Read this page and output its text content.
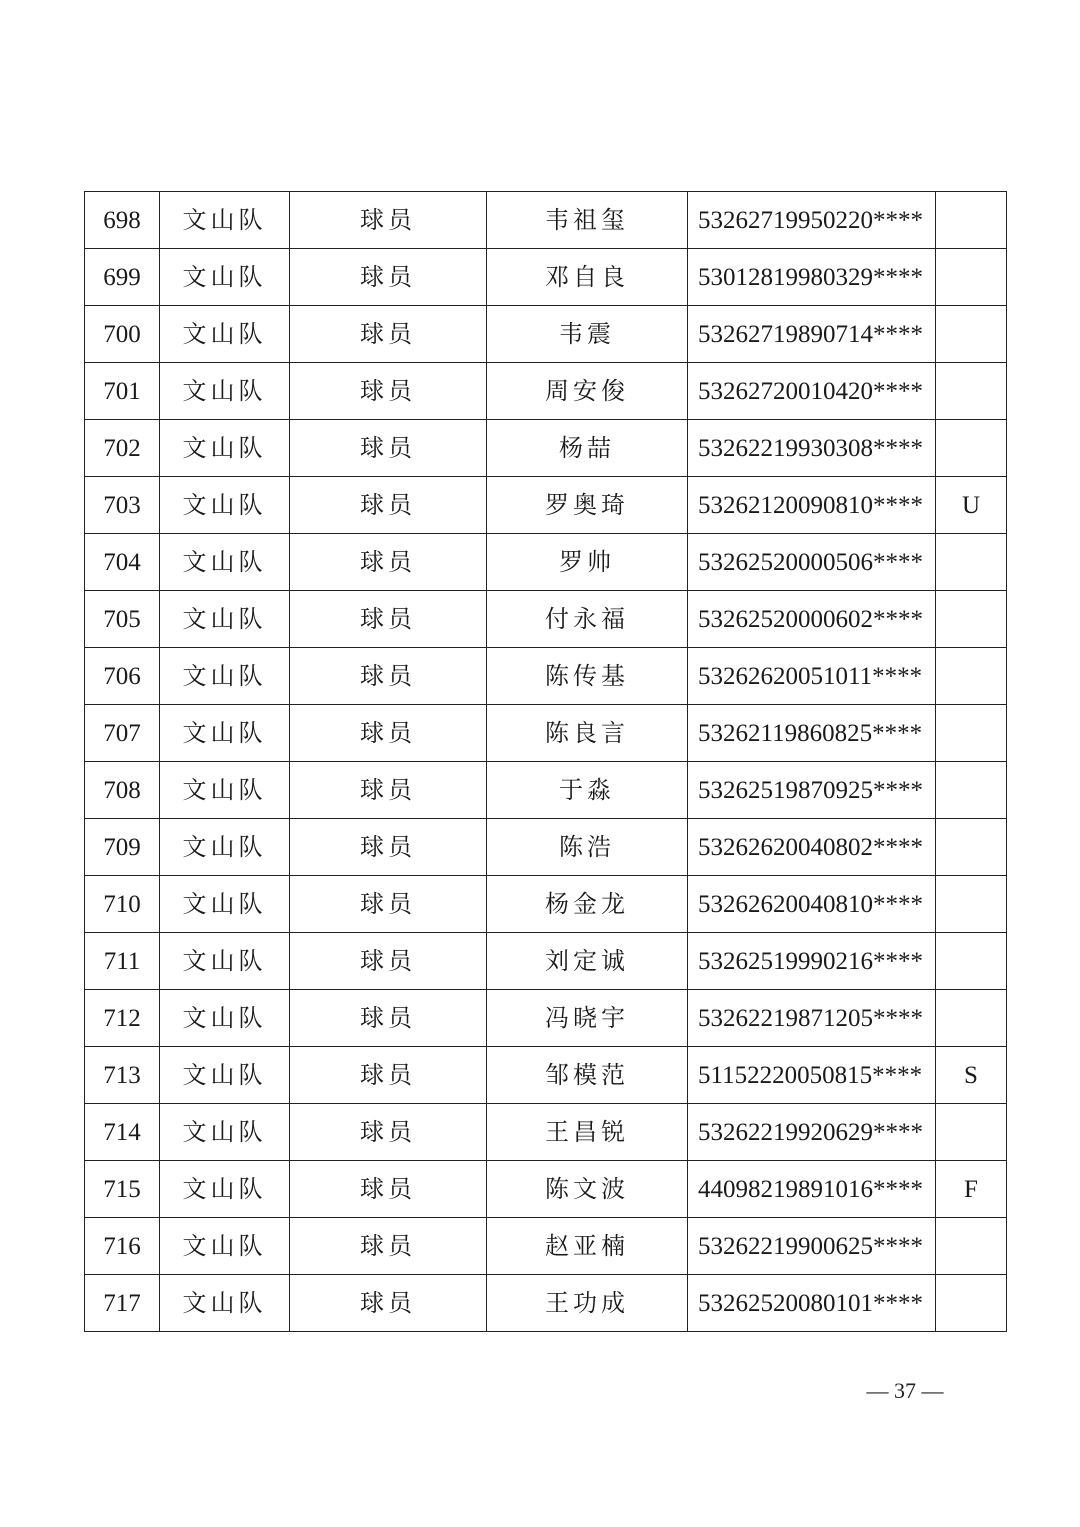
698	文山队	球员	韦祖玺	53262719950220****	
699	文山队	球员	邓自良	53012819980329****	
700	文山队	球员	韦震	53262719890714****	
701	文山队	球员	周安俊	53262720010420****	
702	文山队	球员	杨喆	53262219930308****	
703	文山队	球员	罗奥琦	53262120090810****	U
704	文山队	球员	罗帅	53262520000506****	
705	文山队	球员	付永福	53262520000602****	
706	文山队	球员	陈传基	53262620051011****	
707	文山队	球员	陈良言	53262119860825****	
708	文山队	球员	于淼	53262519870925****	
709	文山队	球员	陈浩	53262620040802****	
710	文山队	球员	杨金龙	53262620040810****	
711	文山队	球员	刘定诚	53262519990216****	
712	文山队	球员	冯晓宇	53262219871205****	
713	文山队	球员	邹模范	51152220050815****	S
714	文山队	球员	王昌锐	53262219920629****	
715	文山队	球员	陈文波	44098219891016****	F
716	文山队	球员	赵亚楠	53262219900625****	
717	文山队	球员	王功成	53262520080101****	
— 37 —
